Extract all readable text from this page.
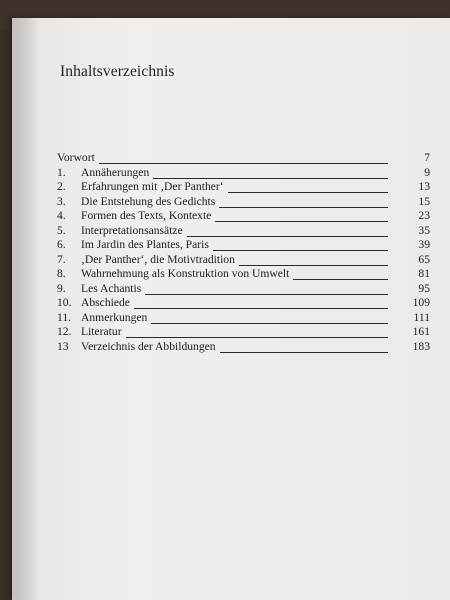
Inhaltsverzeichnis
Vorwort	7
1. Annäherungen	9
2. Erfahrungen mit ‚Der Panther‘	13
3. Die Entstehung des Gedichts	15
4. Formen des Texts, Kontexte	23
5. Interpretationsansätze	35
6. Im Jardin des Plantes, Paris	39
7. ‚Der Panther‘, die Motivtradition	65
8. Wahrnehmung als Konstruktion von Umwelt	81
9. Les Achantis	95
10. Abschiede	109
11. Anmerkungen	111
12. Literatur	161
13 Verzeichnis der Abbildungen	183
